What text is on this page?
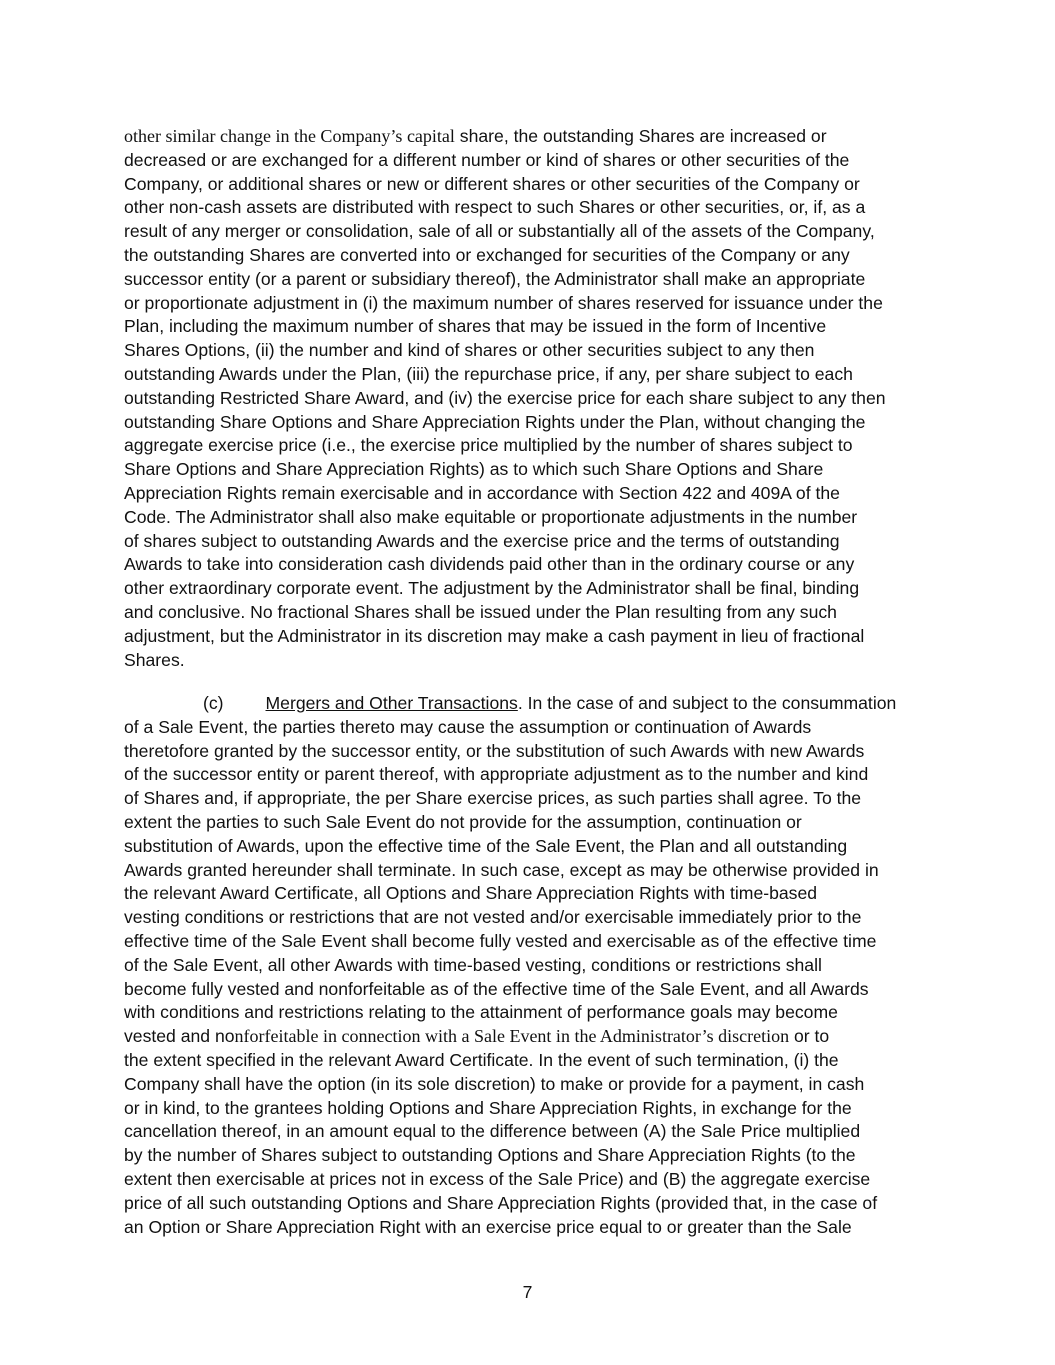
other similar change in the Company’s capital share, the outstanding Shares are increased or
decreased or are exchanged for a different number or kind of shares or other securities of the
Company, or additional shares or new or different shares or other securities of the Company or
other non-cash assets are distributed with respect to such Shares or other securities, or, if, as a
result of any merger or consolidation, sale of all or substantially all of the assets of the Company,
the outstanding Shares are converted into or exchanged for securities of the Company or any
successor entity (or a parent or subsidiary thereof), the Administrator shall make an appropriate
or proportionate adjustment in (i) the maximum number of shares reserved for issuance under the
Plan, including the maximum number of shares that may be issued in the form of Incentive
Shares Options, (ii) the number and kind of shares or other securities subject to any then
outstanding Awards under the Plan, (iii) the repurchase price, if any, per share subject to each
outstanding Restricted Share Award, and (iv) the exercise price for each share subject to any then
outstanding Share Options and Share Appreciation Rights under the Plan, without changing the
aggregate exercise price (i.e., the exercise price multiplied by the number of shares subject to
Share Options and Share Appreciation Rights) as to which such Share Options and Share
Appreciation Rights remain exercisable and in accordance with Section 422 and 409A of the
Code. The Administrator shall also make equitable or proportionate adjustments in the number
of shares subject to outstanding Awards and the exercise price and the terms of outstanding
Awards to take into consideration cash dividends paid other than in the ordinary course or any
other extraordinary corporate event. The adjustment by the Administrator shall be final, binding
and conclusive. No fractional Shares shall be issued under the Plan resulting from any such
adjustment, but the Administrator in its discretion may make a cash payment in lieu of fractional
Shares.
(c) Mergers and Other Transactions. In the case of and subject to the consummation
of a Sale Event, the parties thereto may cause the assumption or continuation of Awards
theretofore granted by the successor entity, or the substitution of such Awards with new Awards
of the successor entity or parent thereof, with appropriate adjustment as to the number and kind
of Shares and, if appropriate, the per Share exercise prices, as such parties shall agree. To the
extent the parties to such Sale Event do not provide for the assumption, continuation or
substitution of Awards, upon the effective time of the Sale Event, the Plan and all outstanding
Awards granted hereunder shall terminate. In such case, except as may be otherwise provided in
the relevant Award Certificate, all Options and Share Appreciation Rights with time-based
vesting conditions or restrictions that are not vested and/or exercisable immediately prior to the
effective time of the Sale Event shall become fully vested and exercisable as of the effective time
of the Sale Event, all other Awards with time-based vesting, conditions or restrictions shall
become fully vested and nonforfeitable as of the effective time of the Sale Event, and all Awards
with conditions and restrictions relating to the attainment of performance goals may become
vested and nonforfeitable in connection with a Sale Event in the Administrator’s discretion or to
the extent specified in the relevant Award Certificate. In the event of such termination, (i) the
Company shall have the option (in its sole discretion) to make or provide for a payment, in cash
or in kind, to the grantees holding Options and Share Appreciation Rights, in exchange for the
cancellation thereof, in an amount equal to the difference between (A) the Sale Price multiplied
by the number of Shares subject to outstanding Options and Share Appreciation Rights (to the
extent then exercisable at prices not in excess of the Sale Price) and (B) the aggregate exercise
price of all such outstanding Options and Share Appreciation Rights (provided that, in the case of
an Option or Share Appreciation Right with an exercise price equal to or greater than the Sale
7
